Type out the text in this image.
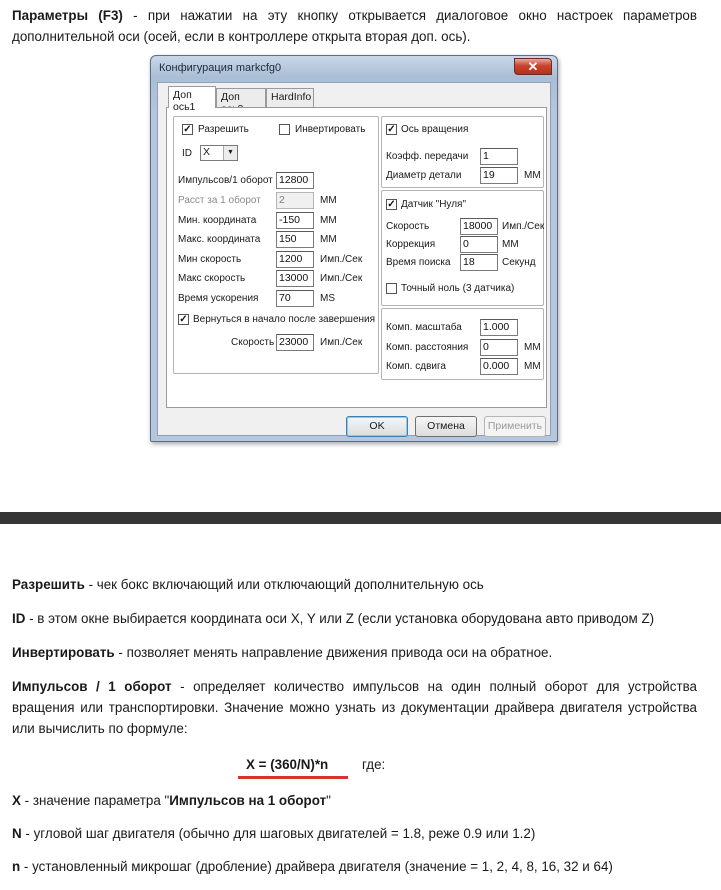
Параметры (F3) - при нажатии на эту кнопку открывается диалоговое окно настроек параметров дополнительной оси (осей, если в контроллере открыта вторая доп. ось).
Конфигурация markcfg0	✕
Доп ось1
Доп	HardInfo
✓ Разрешить	Инвертировать
ID X	▼
Импульсов/1 оборот 12800
Расст за 1 оборот 2	MM
Мин. координата -150	MM
Макс. координата 150	MM
Мин скорость	1200	Имп./Сек
Макс скорость	13000	Имп./Сек
Время ускорения 70	MS
✓ Вернуться в начало после завершения
Скорость 23000	Имп./Сек
✓ Ось вращения
Коэфф. передачи 1
Диаметр детали 19	MM
✓ Датчик "Нуля"
Скорость	18000 Имп./Сек
Коррекция	0	MM
Время поиска 18	Секунд
Точный ноль (3 датчика)
Комп. масштаба 1.000
Комп. расстояния 0	MM
Комп. сдвига	0.000	MM
OK	Отмена	Применить
Разрешить - чек бокс включающий или отключающий дополнительную ось
ID - в этом окне выбирается координата оси X, Y или Z (если установка оборудована авто приводом Z)
Инвертировать - позволяет менять направление движения привода оси на обратное.
Импульсов / 1 оборот - определяет количество импульсов на один полный оборот для устройства вращения или транспортировки. Значение можно узнать из документации драйвера двигателя устройства или вычислить по формуле:
X = (360/N)*n	где:
X - значение параметра "Импульсов на 1 оборот"
N - угловой шаг двигателя (обычно для шаговых двигателей = 1.8, реже 0.9 или 1.2)
n - установленный микрошаг (дробление) драйвера двигателя (значение = 1, 2, 4, 8, 16, 32 и 64)
